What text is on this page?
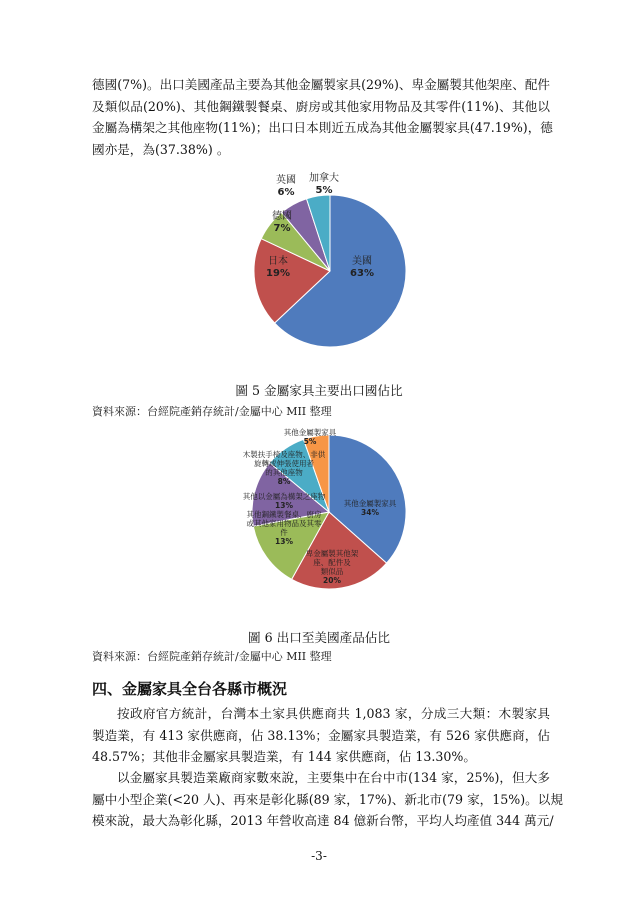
德國(7%)。出口美國產品主要為其他金屬製家具(29%)、卑金屬製其他架座、配件
及類似品(20%)、其他鋼鐵製餐桌、廚房或其他家用物品及其零件(11%)、其他以
金屬為構架之其他座物(11%)；出口日本則近五成為其他金屬製家具(47.19%)，德
國亦是，為(37.38%) 。
美國 63%
日本 19%
德國 7%
英國 6%
加拿大 5%
圖 5 金屬家具主要出口國佔比
資料來源：台經院產銷存統計/金屬中心 MII 整理
其他金屬製家具 34%
卑金屬製其他架座、配件及類似品 20%
其他鋼鐵製餐桌、廚房或其他家用物品及其零件 13%
其他以金屬為構架之座物 13%
木製扶手椅及座物、非供旋轉或伸張使用者的其他座物 8%
其他金屬製家具 5%
圖 6 出口至美國產品佔比
資料來源：台經院產銷存統計/金屬中心 MII 整理
四、金屬家具全台各縣市概況
按政府官方統計，台灣本土家具供應商共 1,083 家，分成三大類：木製家具
製造業，有 413 家供應商，佔 38.13%；金屬家具製造業，有 526 家供應商，佔
48.57%；其他非金屬家具製造業，有 144 家供應商，佔 13.30%。
以金屬家具製造業廠商家數來說，主要集中在台中市(134 家，25%)，但大多
屬中小型企業(<20 人)、再來是彰化縣(89 家，17%)、新北市(79 家，15%)。以規
模來說，最大為彰化縣，2013 年營收高達 84 億新台幣，平均人均產值 344 萬元/
-3-
